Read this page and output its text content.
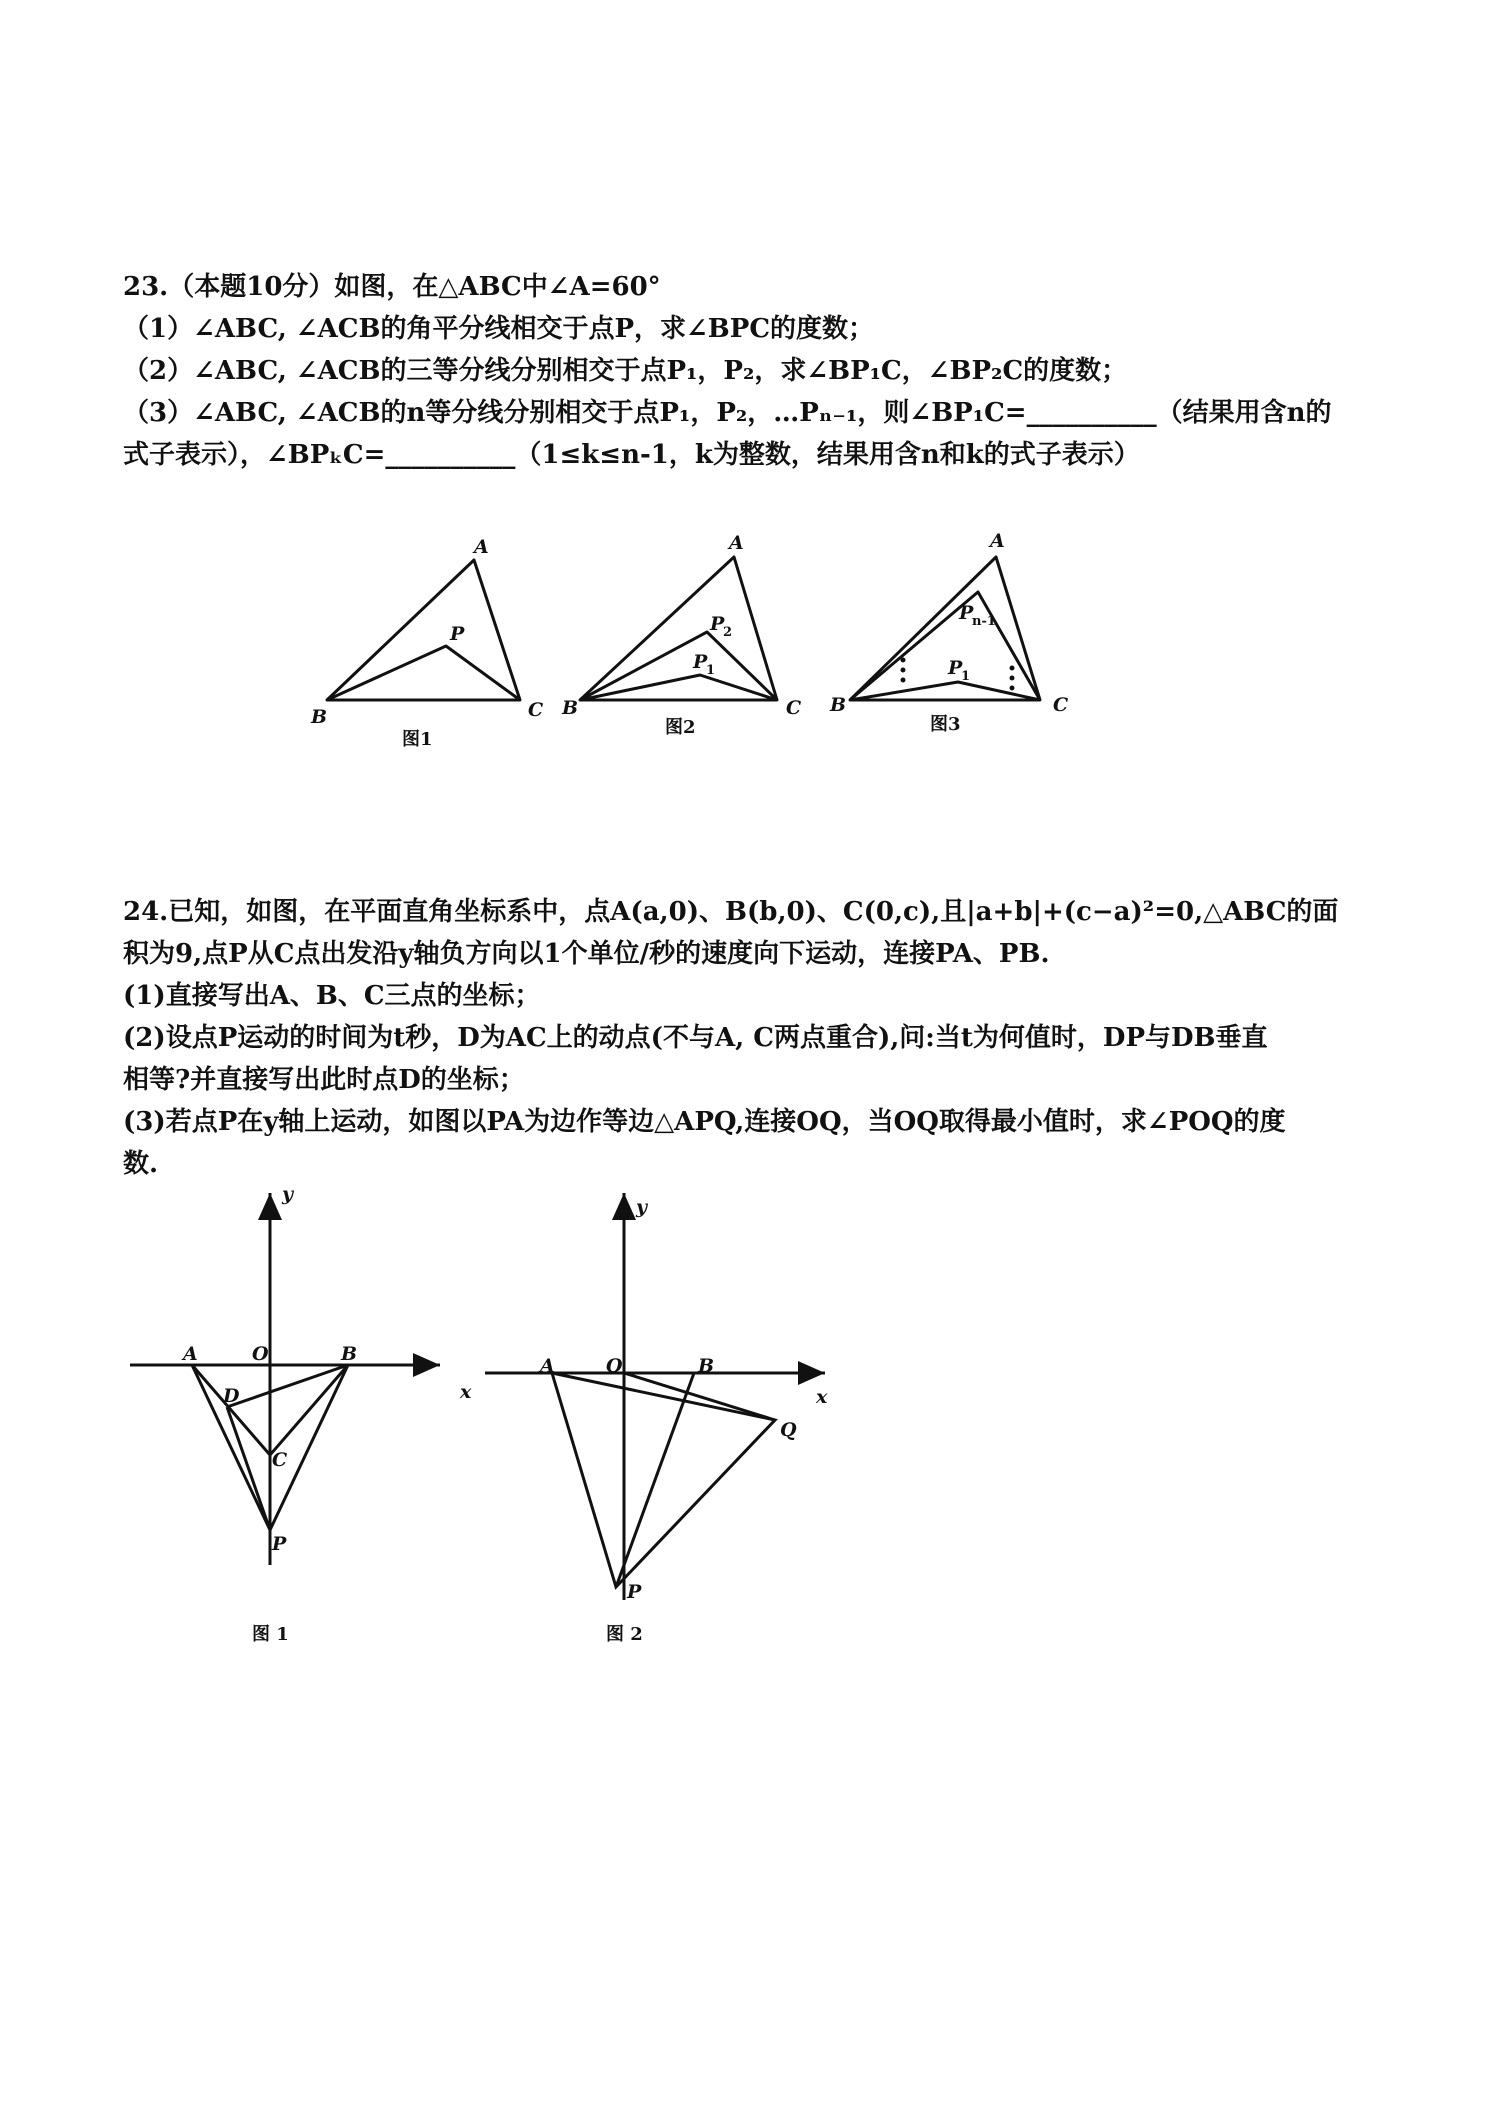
23.（本题10分）如图，在△ABC中∠A=60°
（1）∠ABC, ∠ACB的角平分线相交于点P，求∠BPC的度数；
（2）∠ABC, ∠ACB的三等分线分别相交于点P₁，P₂，求∠BP₁C，∠BP₂C的度数；
（3）∠ABC, ∠ACB的n等分线分别相交于点P₁，P₂，…Pₙ₋₁，则∠BP₁C=__________（结果用含n的
式子表示），∠BPₖC=__________（1≤k≤n-1，k为整数，结果用含n和k的式子表示）
A
B	C
P
图1
A
B	C
P
2
P
1
图2
A
B	C
P
n-1
P
1
图3
y
x
A	O	B
D
C
P
图 1
y
x
A	O	B
Q
P
图 2
24.已知，如图，在平面直角坐标系中，点A(a,0)、B(b,0)、C(0,c),且|a+b|+(c−a)²=0,△ABC的面
积为9,点P从C点出发沿y轴负方向以1个单位/秒的速度向下运动，连接PA、PB.
(1)直接写出A、B、C三点的坐标；
(2)设点P运动的时间为t秒，D为AC上的动点(不与A, C两点重合),问:当t为何值时，DP与DB垂直
相等?并直接写出此时点D的坐标；
(3)若点P在y轴上运动，如图以PA为边作等边△APQ,连接OQ，当OQ取得最小值时，求∠POQ的度
数.
